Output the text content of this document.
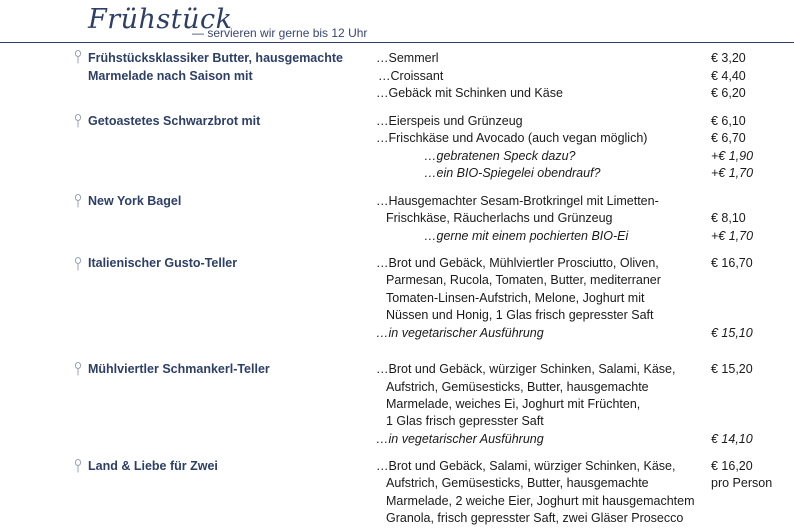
Frühstück
— servieren wir gerne bis 12 Uhr
Frühstücksklassiker Butter, hausgemachte
Marmelade nach Saison mit
…Semmerl	€ 3,20
…Croissant	€ 4,40
…Gebäck mit Schinken und Käse	€ 6,20
Getoastetes Schwarzbrot mit	…Eierspeis und Grünzeug	€ 6,10
…Frischkäse und Avocado (auch vegan möglich)	€ 6,70
…gebratenen Speck dazu?	+€ 1,90
…ein BIO-Spiegelei obendrauf?	+€ 1,70
New York Bagel	…Hausgemachter Sesam-Brotkringel mit Limetten-
Frischkäse, Räucherlachs und Grünzeug	€ 8,10
…gerne mit einem pochierten BIO-Ei	+€ 1,70
Italienischer Gusto-Teller	…Brot und Gebäck, Mühlviertler Prosciutto, Oliven,	€ 16,70
Parmesan, Rucola, Tomaten, Butter, mediterraner
Tomaten-Linsen-Aufstrich, Melone, Joghurt mit
Nüssen und Honig, 1 Glas frisch gepresster Saft
…in vegetarischer Ausführung	€ 15,10
Mühlviertler Schmankerl-Teller	…Brot und Gebäck, würziger Schinken, Salami, Käse,	€ 15,20
Aufstrich, Gemüsesticks, Butter, hausgemachte
Marmelade, weiches Ei, Joghurt mit Früchten,
1 Glas frisch gepresster Saft
…in vegetarischer Ausführung	€ 14,10
Land & Liebe für Zwei	…Brot und Gebäck, Salami, würziger Schinken, Käse,	€ 16,20
Aufstrich, Gemüsesticks, Butter, hausgemachte	pro Person
Marmelade, 2 weiche Eier, Joghurt mit hausgemachtem
Granola, frisch gepresster Saft, zwei Gläser Prosecco
